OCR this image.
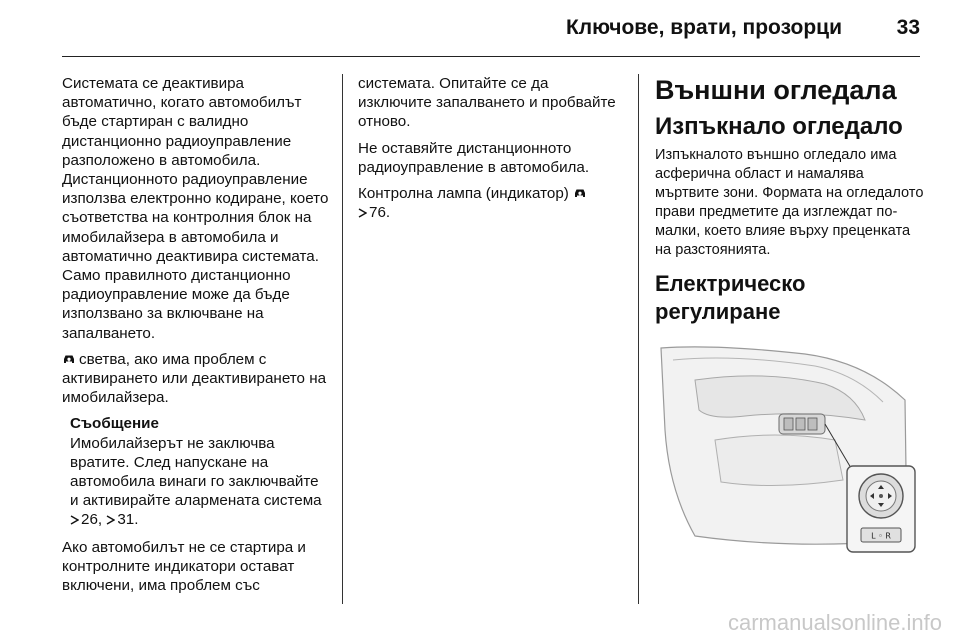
Ключове, врати, прозорци	33

Системата се деактивира автоматично, когато автомобилът бъде стартиран с валидно дистанционно радиоуправление разположено в автомобила. Дистанционното радиоуправление използва електронно кодиране, което съответства на контролния блок на имобилайзера в автомобила и автоматично деактивира системата. Само правилното дистанционно радиоуправление може да бъде използвано за включване на запалването.

светва, ако има проблем с активирането или деактивирането на имобилайзера.

Съобщение
Имобилайзерът не заключва вратите. След напускане на автомобила винаги го заключвайте и активирайте алармената система 26, 31.

Ако автомобилът не се стартира и контролните индикатори остават включени, има проблем със

системата. Опитайте се да изключите запалването и пробвайте отново.

Не оставяйте дистанционното радиоуправление в автомобила.

Контролна лампа (индикатор)
76.

Външни огледала
Изпъкнало огледало

Изпъкналото външно огледало има асферична област и намалява мъртвите зони. Формата на огледалото прави предметите да изглеждат по-малки, което влияе върху преценката на разстоянията.

Електрическо регулиране
L ◦ R
carmanualsonline.info
